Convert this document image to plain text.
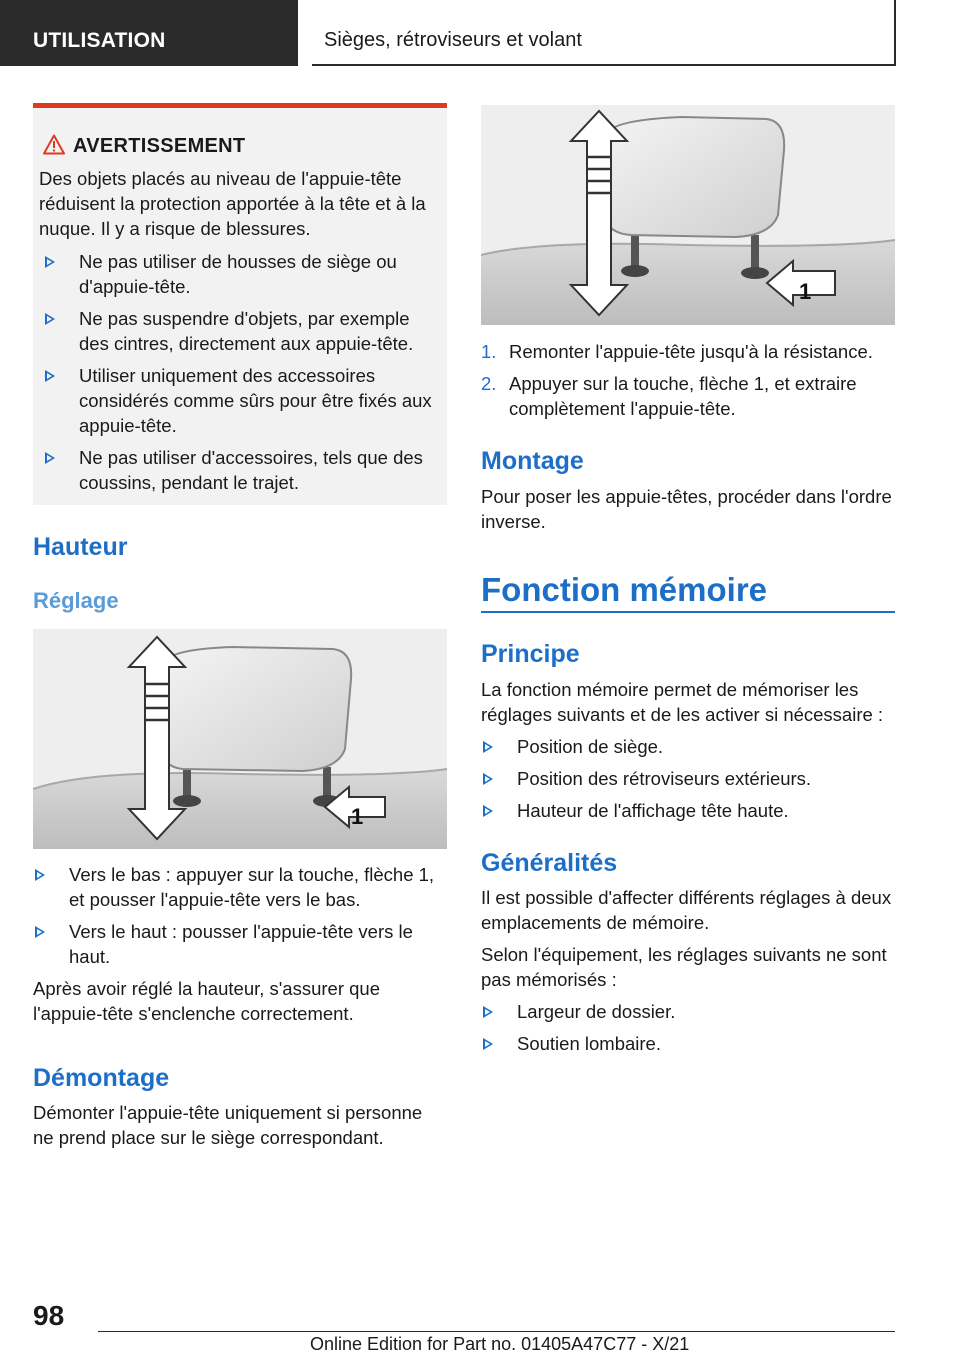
UTILISATION	Sièges, rétroviseurs et volant
AVERTISSEMENT

Des objets placés au niveau de l'appuie-tête réduisent la protection apportée à la tête et à la nuque. Il y a risque de blessures.

Ne pas utiliser de housses de siège ou d'appuie-tête.
Ne pas suspendre d'objets, par exemple des cintres, directement aux appuie-tête.
Utiliser uniquement des accessoires considérés comme sûrs pour être fixés aux appuie-tête.
Ne pas utiliser d'accessoires, tels que des coussins, pendant le trajet.
Hauteur
Réglage
1
Vers le bas : appuyer sur la touche, flèche 1, et pousser l'appuie-tête vers le bas.
Vers le haut : pousser l'appuie-tête vers le haut.
Après avoir réglé la hauteur, s'assurer que l'appuie-tête s'enclenche correctement.
Démontage
Démonter l'appuie-tête uniquement si personne ne prend place sur le siège correspondant.
1
1. Remonter l'appuie-tête jusqu'à la résistance.
2. Appuyer sur la touche, flèche 1, et extraire complètement l'appuie-tête.
Montage
Pour poser les appuie-têtes, procéder dans l'ordre inverse.
Fonction mémoire
Principe
La fonction mémoire permet de mémoriser les réglages suivants et de les activer si nécessaire :
Position de siège.
Position des rétroviseurs extérieurs.
Hauteur de l'affichage tête haute.
Généralités
Il est possible d'affecter différents réglages à deux emplacements de mémoire.
Selon l'équipement, les réglages suivants ne sont pas mémorisés :
Largeur de dossier.
Soutien lombaire.
98
Online Edition for Part no. 01405A47C77 - X/21
